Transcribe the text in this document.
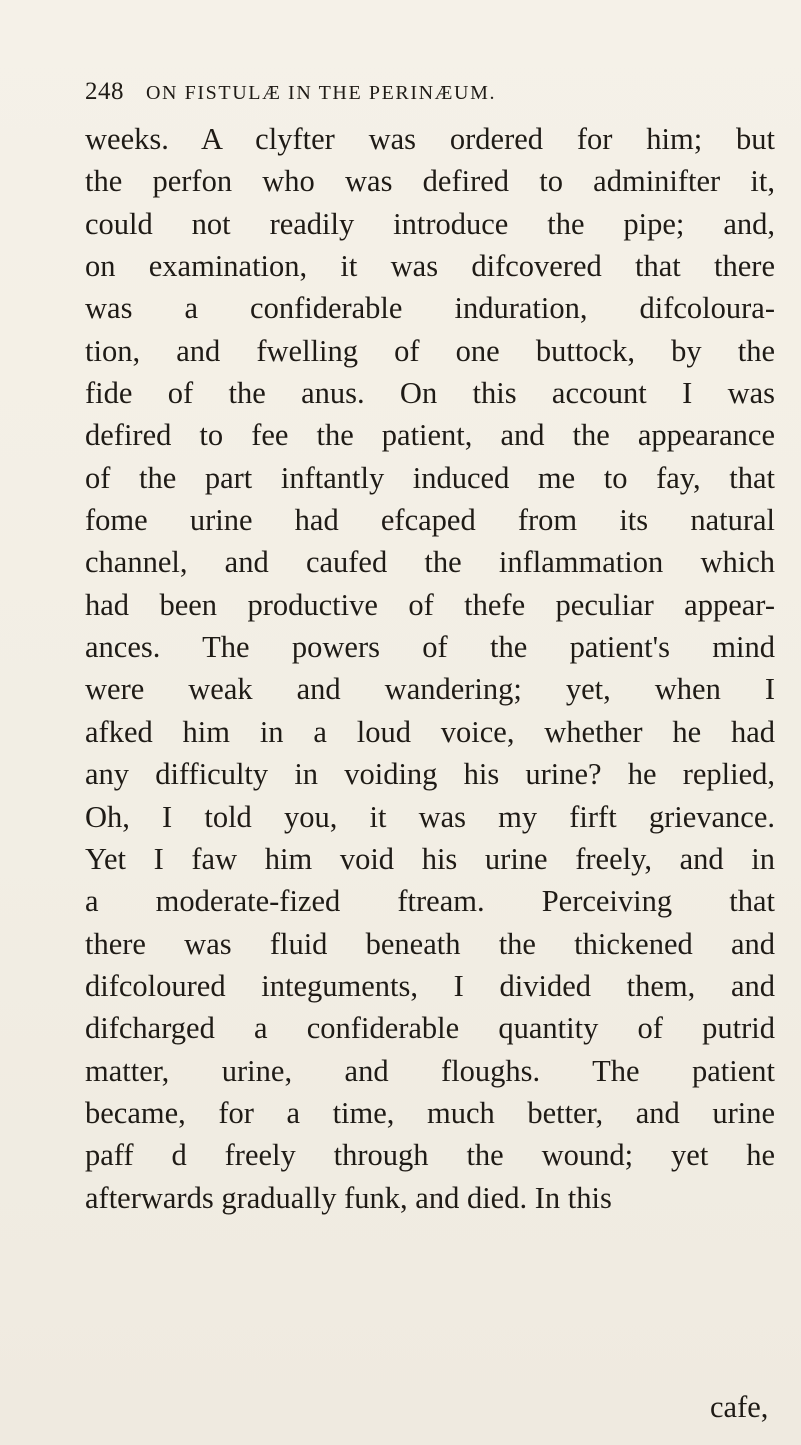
248 ON FISTULÆ IN THE PERINÆUM.
weeks. A clyfter was ordered for him; but
the perfon who was defired to adminifter it,
could not readily introduce the pipe; and,
on examination, it was difcovered that there
was a confiderable induration, difcoloura-
tion, and fwelling of one buttock, by the
fide of the anus. On this account I was
defired to fee the patient, and the appearance
of the part inftantly induced me to fay, that
fome urine had efcaped from its natural
channel, and caufed the inflammation which
had been productive of thefe peculiar appear-
ances. The powers of the patient's mind
were weak and wandering; yet, when I
afked him in a loud voice, whether he had
any difficulty in voiding his urine? he replied,
Oh, I told you, it was my firft grievance.
Yet I faw him void his urine freely, and in
a moderate-fized ftream. Perceiving that
there was fluid beneath the thickened and
difcoloured integuments, I divided them, and
difcharged a confiderable quantity of putrid
matter, urine, and floughs. The patient
became, for a time, much better, and urine
paff d freely through the wound; yet he
afterwards gradually funk, and died. In this
cafe,
